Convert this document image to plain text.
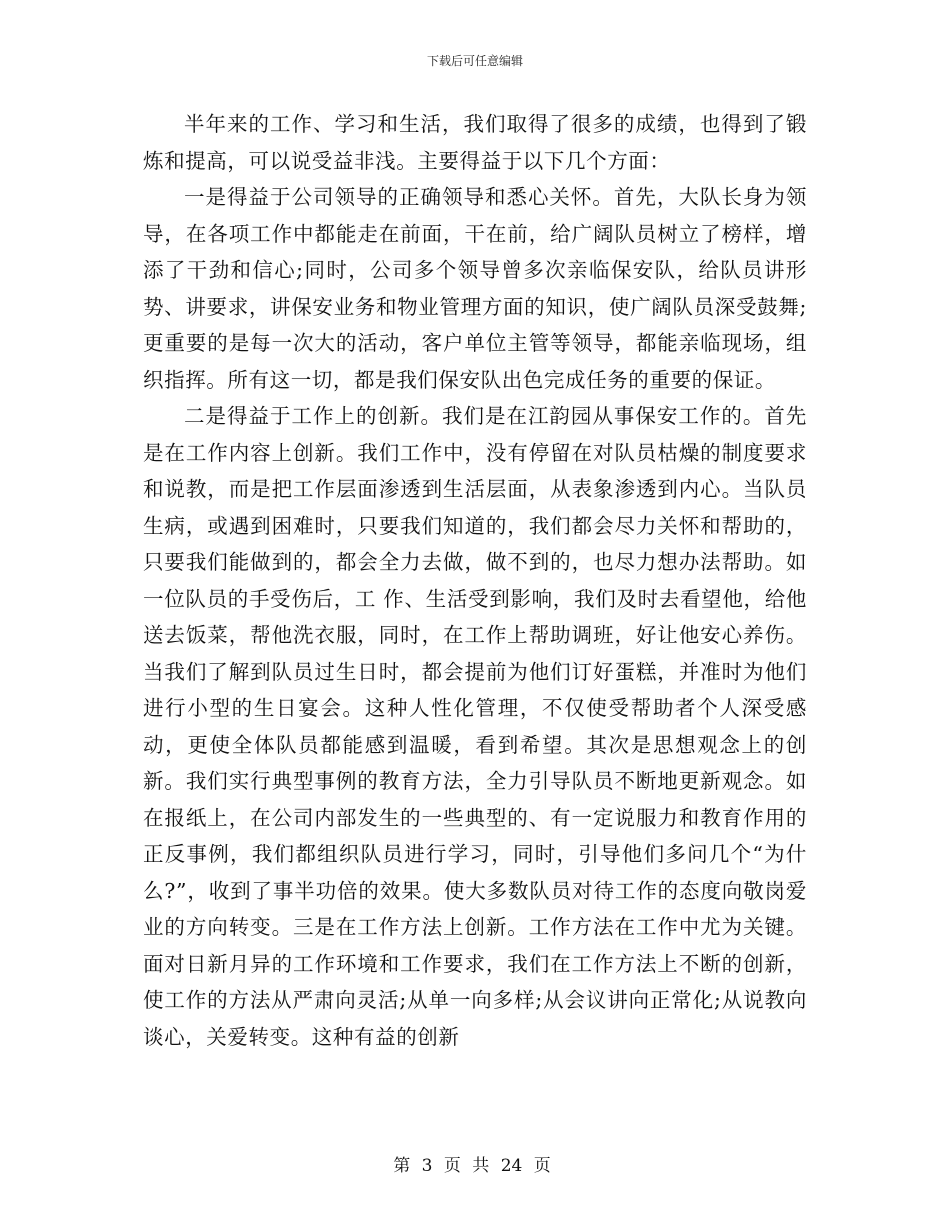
下载后可任意编辑

半年来的工作、学习和生活，我们取得了很多的成绩，也得到了锻炼和提高，可以说受益非浅。主要得益于以下几个方面：

一是得益于公司领导的正确领导和悉心关怀。首先，大队长身为领导，在各项工作中都能走在前面，干在前，给广阔队员树立了榜样，增添了干劲和信心;同时，公司多个领导曾多次亲临保安队，给队员讲形势、讲要求，讲保安业务和物业管理方面的知识，使广阔队员深受鼓舞;更重要的是每一次大的活动，客户单位主管等领导，都能亲临现场，组织指挥。所有这一切，都是我们保安队出色完成任务的重要的保证。

二是得益于工作上的创新。我们是在江韵园从事保安工作的。首先是在工作内容上创新。我们工作中，没有停留在对队员枯燥的制度要求和说教，而是把工作层面渗透到生活层面，从表象渗透到内心。当队员生病，或遇到困难时，只要我们知道的，我们都会尽力关怀和帮助的，只要我们能做到的，都会全力去做，做不到的，也尽力想办法帮助。如一位队员的手受伤后，工 作、生活受到影响，我们及时去看望他，给他送去饭菜，帮他洗衣服，同时，在工作上帮助调班，好让他安心养伤。当我们了解到队员过生日时，都会提前为他们订好蛋糕，并准时为他们进行小型的生日宴会。这种人性化管理，不仅使受帮助者个人深受感动，更使全体队员都能感到温暖，看到希望。其次是思想观念上的创新。我们实行典型事例的教育方法，全力引导队员不断地更新观念。如在报纸上，在公司内部发生的一些典型的、有一定说服力和教育作用的正反事例，我们都组织队员进行学习，同时，引导他们多问几个“为什么?”，收到了事半功倍的效果。使大多数队员对待工作的态度向敬岗爱业的方向转变。三是在工作方法上创新。工作方法在工作中尤为关键。面对日新月异的工作环境和工作要求，我们在工作方法上不断的创新，使工作的方法从严肃向灵活;从单一向多样;从会议讲向正常化;从说教向谈心，关爱转变。这种有益的创新

第 3 页 共 24 页
